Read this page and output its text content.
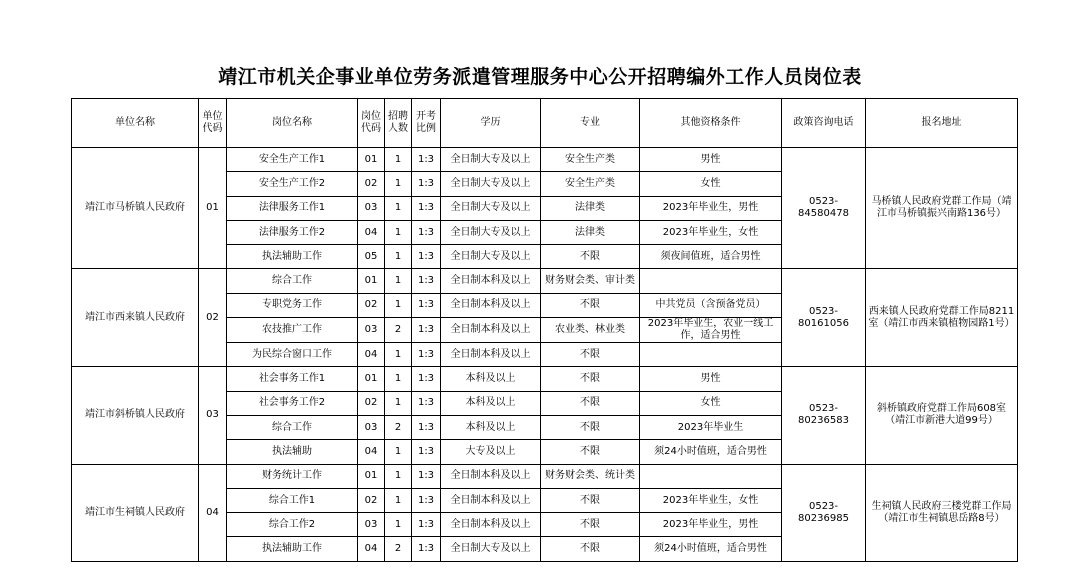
靖江市机关企事业单位劳务派遣管理服务中心公开招聘编外工作人员岗位表
单位名称	单位代码	岗位名称	岗位代码	招聘人数	开考比例	学历	专业	其他资格条件	政策咨询电话	报名地址
靖江市马桥镇人民政府	01	安全生产工作1	01	1	1:3	全日制大专及以上	安全生产类	男性	0523-84580478	马桥镇人民政府党群工作局（靖江市马桥镇振兴南路136号）
		安全生产工作2	02	1	1:3	全日制大专及以上	安全生产类	女性		
		法律服务工作1	03	1	1:3	全日制大专及以上	法律类	2023年毕业生，男性		
		法律服务工作2	04	1	1:3	全日制大专及以上	法律类	2023年毕业生，女性		
		执法辅助工作	05	1	1:3	全日制大专及以上	不限	须夜间值班，适合男性		
靖江市西来镇人民政府	02	综合工作	01	1	1:3	全日制本科及以上	财务财会类、审计类		0523-80161056	西来镇人民政府党群工作局8211室（靖江市西来镇植物园路1号）
		专职党务工作	02	1	1:3	全日制本科及以上	不限	中共党员（含预备党员）		
		农技推广工作	03	2	1:3	全日制本科及以上	农业类、林业类	2023年毕业生，农业一线工作，适合男性		
		为民综合窗口工作	04	1	1:3	全日制本科及以上	不限			
靖江市斜桥镇人民政府	03	社会事务工作1	01	1	1:3	本科及以上	不限	男性	0523-80236583	斜桥镇政府党群工作局608室（靖江市新港大道99号）
		社会事务工作2	02	1	1:3	本科及以上	不限	女性		
		综合工作	03	2	1:3	本科及以上	不限	2023年毕业生		
		执法辅助	04	1	1:3	大专及以上	不限	须24小时值班，适合男性		
靖江市生祠镇人民政府	04	财务统计工作	01	1	1:3	全日制本科及以上	财务财会类、统计类		0523-80236985	生祠镇人民政府三楼党群工作局（靖江市生祠镇思岳路8号）
		综合工作1	02	1	1:3	全日制本科及以上	不限	2023年毕业生，女性		
		综合工作2	03	1	1:3	全日制本科及以上	不限	2023年毕业生，男性		
		执法辅助工作	04	2	1:3	全日制大专及以上	不限	须24小时值班，适合男性		
